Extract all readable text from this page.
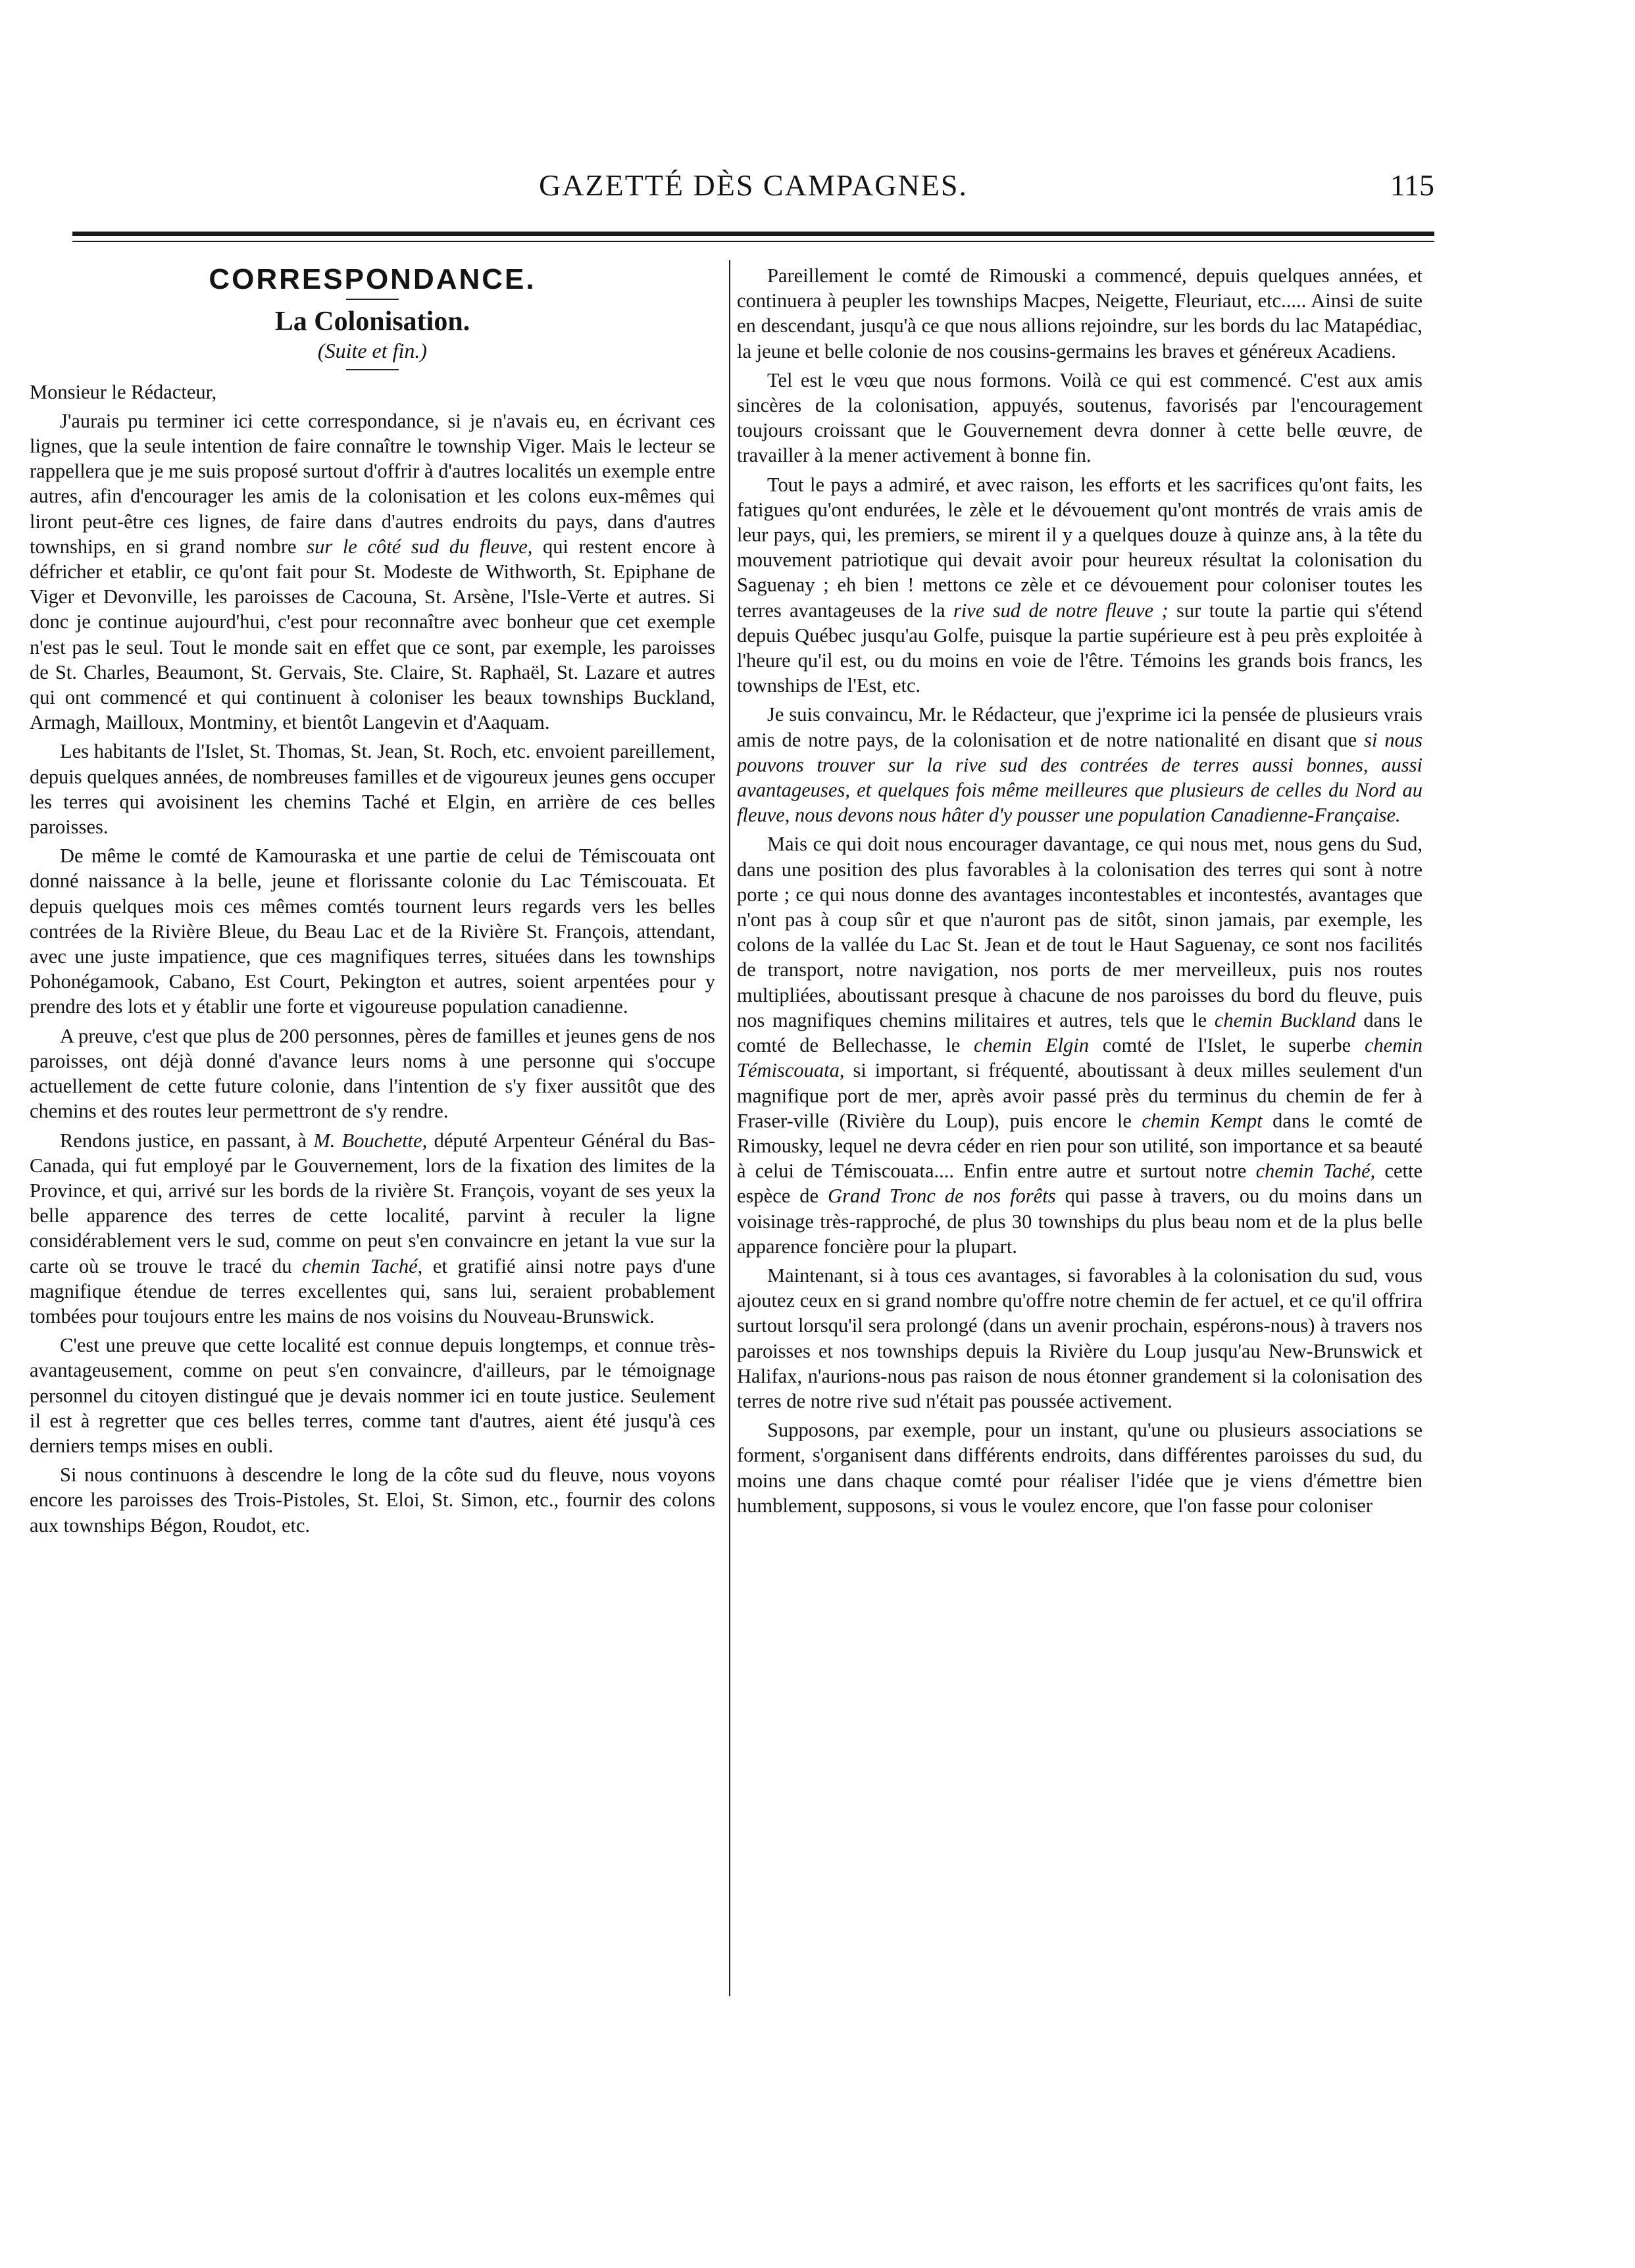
GAZETTÉ DÈS CAMPAGNES.	115
CORRESPONDANCE.
La Colonisation.
(Suite et fin.)

Monsieur le Rédacteur,

J'aurais pu terminer ici cette correspondance, si je n'avais eu, en écrivant ces lignes, que la seule intention de faire connaître le township Viger. Mais le lecteur se rappellera que je me suis proposé surtout d'offrir à d'autres localités un exemple entre autres, afin d'encourager les amis de la colonisation et les colons eux-mêmes qui liront peut-être ces lignes, de faire dans d'autres endroits du pays, dans d'autres townships, en si grand nombre sur le côté sud du fleuve, qui restent encore à défricher et etablir, ce qu'ont fait pour St. Modeste de Withworth, St. Epiphane de Viger et Devonville, les paroisses de Cacouna, St. Arsène, l'Isle-Verte et autres. Si donc je continue aujourd'hui, c'est pour reconnaître avec bonheur que cet exemple n'est pas le seul. Tout le monde sait en effet que ce sont, par exemple, les paroisses de St. Charles, Beaumont, St. Gervais, Ste. Claire, St. Raphaël, St. Lazare et autres qui ont commencé et qui continuent à coloniser les beaux townships Buckland, Armagh, Mailloux, Montminy, et bientôt Langevin et d'Aaquam.

Les habitants de l'Islet, St. Thomas, St. Jean, St. Roch, etc. envoient pareillement, depuis quelques années, de nombreuses familles et de vigoureux jeunes gens occuper les terres qui avoisinent les chemins Taché et Elgin, en arrière de ces belles paroisses.

De même le comté de Kamouraska et une partie de celui de Témiscouata ont donné naissance à la belle, jeune et florissante colonie du Lac Témiscouata. Et depuis quelques mois ces mêmes comtés tournent leurs regards vers les belles contrées de la Rivière Bleue, du Beau Lac et de la Rivière St. François, attendant, avec une juste impatience, que ces magnifiques terres, situées dans les townships Pohonégamook, Cabano, Est Court, Pekington et autres, soient arpentées pour y prendre des lots et y établir une forte et vigoureuse population canadienne.

A preuve, c'est que plus de 200 personnes, pères de familles et jeunes gens de nos paroisses, ont déjà donné d'avance leurs noms à une personne qui s'occupe actuellement de cette future colonie, dans l'intention de s'y fixer aussitôt que des chemins et des routes leur permettront de s'y rendre.

Rendons justice, en passant, à M. Bouchette, député Arpenteur Général du Bas-Canada, qui fut employé par le Gouvernement, lors de la fixation des limites de la Province, et qui, arrivé sur les bords de la rivière St. François, voyant de ses yeux la belle apparence des terres de cette localité, parvint à reculer la ligne considérablement vers le sud, comme on peut s'en convaincre en jetant la vue sur la carte où se trouve le tracé du chemin Taché, et gratifié ainsi notre pays d'une magnifique étendue de terres excellentes qui, sans lui, seraient probablement tombées pour toujours entre les mains de nos voisins du Nouveau-Brunswick.

C'est une preuve que cette localité est connue depuis longtemps, et connue très-avantageusement, comme on peut s'en convaincre, d'ailleurs, par le témoignage personnel du citoyen distingué que je devais nommer ici en toute justice. Seulement il est à regretter que ces belles terres, comme tant d'autres, aient été jusqu'à ces derniers temps mises en oubli.

Si nous continuons à descendre le long de la côte sud du fleuve, nous voyons encore les paroisses des Trois-Pistoles, St. Eloi, St. Simon, etc., fournir des colons aux townships Bégon, Roudot, etc.

Pareillement le comté de Rimouski a commencé, depuis quelques années, et continuera à peupler les townships Macpes, Neigette, Fleuriaut, etc..... Ainsi de suite en descendant, jusqu'à ce que nous allions rejoindre, sur les bords du lac Matapédiac, la jeune et belle colonie de nos cousins-germains les braves et généreux Acadiens.

Tel est le vœu que nous formons. Voilà ce qui est commencé. C'est aux amis sincères de la colonisation, appuyés, soutenus, favorisés par l'encouragement toujours croissant que le Gouvernement devra donner à cette belle œuvre, de travailler à la mener activement à bonne fin.

Tout le pays a admiré, et avec raison, les efforts et les sacrifices qu'ont faits, les fatigues qu'ont endurées, le zèle et le dévouement qu'ont montrés de vrais amis de leur pays, qui, les premiers, se mirent il y a quelques douze à quinze ans, à la tête du mouvement patriotique qui devait avoir pour heureux résultat la colonisation du Saguenay ; eh bien ! mettons ce zèle et ce dévouement pour coloniser toutes les terres avantageuses de la rive sud de notre fleuve ; sur toute la partie qui s'étend depuis Québec jusqu'au Golfe, puisque la partie supérieure est à peu près exploitée à l'heure qu'il est, ou du moins en voie de l'être. Témoins les grands bois francs, les townships de l'Est, etc.

Je suis convaincu, Mr. le Rédacteur, que j'exprime ici la pensée de plusieurs vrais amis de notre pays, de la colonisation et de notre nationalité en disant que si nous pouvons trouver sur la rive sud des contrées de terres aussi bonnes, aussi avantageuses, et quelques fois même meilleures que plusieurs de celles du Nord au fleuve, nous devons nous hâter d'y pousser une population Canadienne-Française.

Mais ce qui doit nous encourager davantage, ce qui nous met, nous gens du Sud, dans une position des plus favorables à la colonisation des terres qui sont à notre porte ; ce qui nous donne des avantages incontestables et incontestés, avantages que n'ont pas à coup sûr et que n'auront pas de sitôt, sinon jamais, par exemple, les colons de la vallée du Lac St. Jean et de tout le Haut Saguenay, ce sont nos facilités de transport, notre navigation, nos ports de mer merveilleux, puis nos routes multipliées, aboutissant presque à chacune de nos paroisses du bord du fleuve, puis nos magnifiques chemins militaires et autres, tels que le chemin Buckland dans le comté de Bellechasse, le chemin Elgin comté de l'Islet, le superbe chemin Témiscouata, si important, si fréquenté, aboutissant à deux milles seulement d'un magnifique port de mer, après avoir passé près du terminus du chemin de fer à Fraser-ville (Rivière du Loup), puis encore le chemin Kempt dans le comté de Rimousky, lequel ne devra céder en rien pour son utilité, son importance et sa beauté à celui de Témiscouata.... Enfin entre autre et surtout notre chemin Taché, cette espèce de Grand Tronc de nos forêts qui passe à travers, ou du moins dans un voisinage très-rapproché, de plus 30 townships du plus beau nom et de la plus belle apparence foncière pour la plupart.

Maintenant, si à tous ces avantages, si favorables à la colonisation du sud, vous ajoutez ceux en si grand nombre qu'offre notre chemin de fer actuel, et ce qu'il offrira surtout lorsqu'il sera prolongé (dans un avenir prochain, espérons-nous) à travers nos paroisses et nos townships depuis la Rivière du Loup jusqu'au New-Brunswick et Halifax, n'aurions-nous pas raison de nous étonner grandement si la colonisation des terres de notre rive sud n'était pas poussée activement.

Supposons, par exemple, pour un instant, qu'une ou plusieurs associations se forment, s'organisent dans différents endroits, dans différentes paroisses du sud, du moins une dans chaque comté pour réaliser l'idée que je viens d'émettre bien humblement, supposons, si vous le voulez encore, que l'on fasse pour coloniser
